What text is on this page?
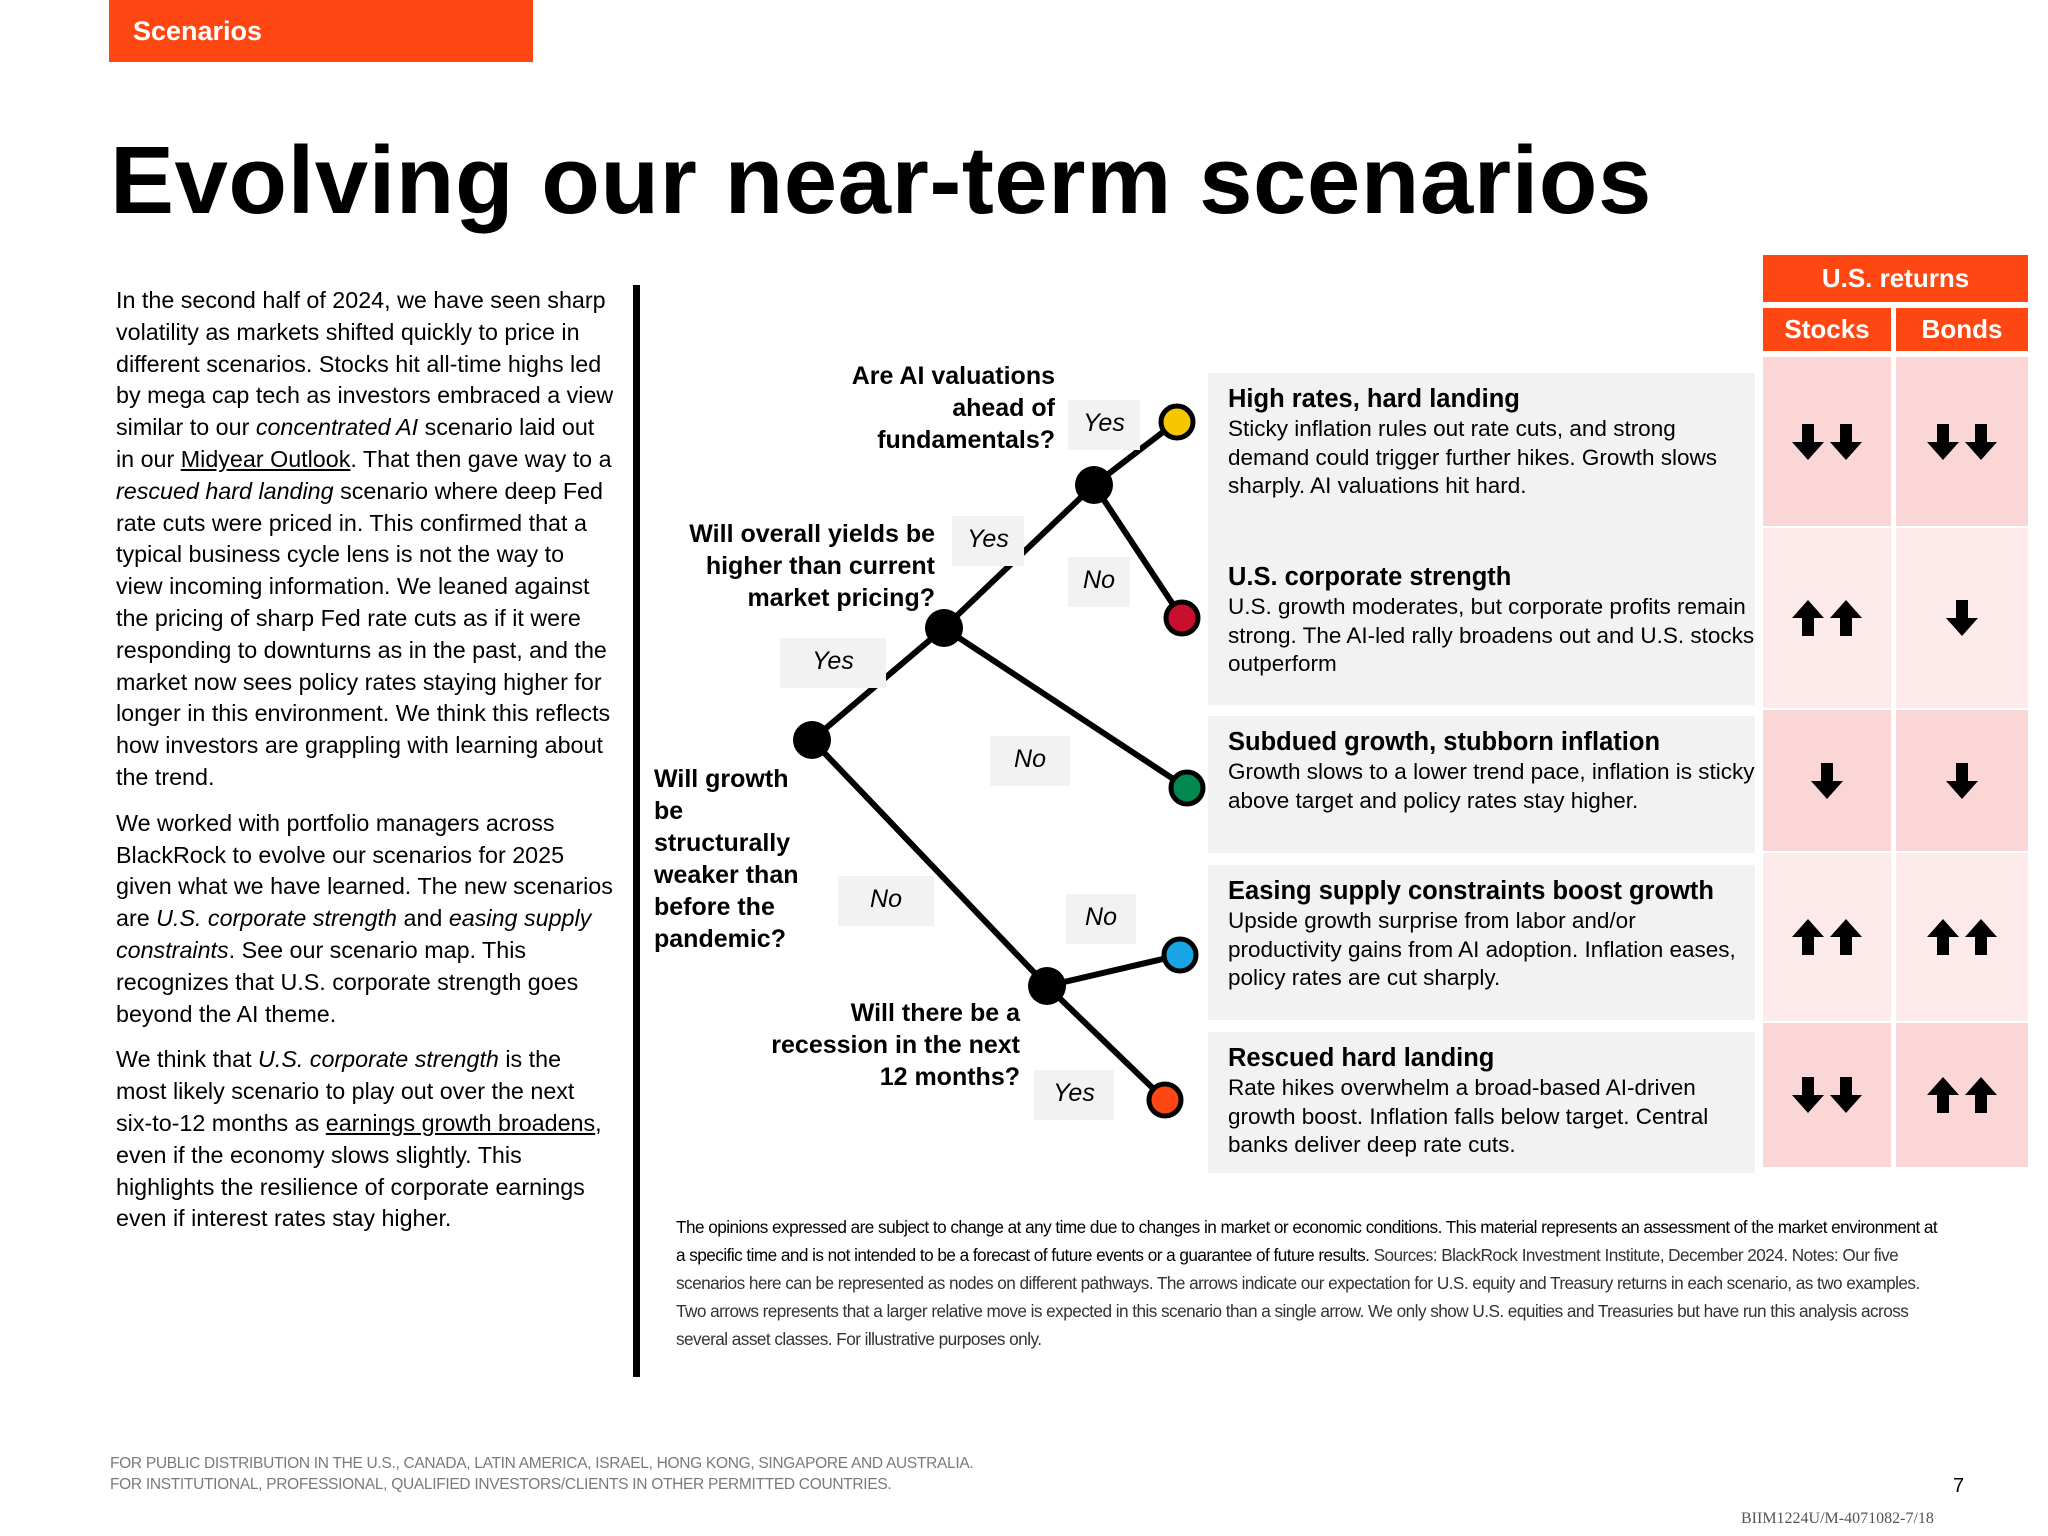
Scenarios
Evolving our near-term scenarios

In the second half of 2024, we have seen sharp volatility as markets shifted quickly to price in different scenarios. Stocks hit all-time highs led by mega cap tech as investors embraced a view similar to our concentrated AI scenario laid out in our Midyear Outlook. That then gave way to a rescued hard landing scenario where deep Fed rate cuts were priced in. This confirmed that a typical business cycle lens is not the way to view incoming information. We leaned against the pricing of sharp Fed rate cuts as if it were responding to downturns as in the past, and the market now sees policy rates staying higher for longer in this environment. We think this reflects how investors are grappling with learning about the trend.

We worked with portfolio managers across BlackRock to evolve our scenarios for 2025 given what we have learned. The new scenarios are U.S. corporate strength and easing supply constraints. See our scenario map. This recognizes that U.S. corporate strength goes beyond the AI theme.

We think that U.S. corporate strength is the most likely scenario to play out over the next six-to-12 months as earnings growth broadens, even if the economy slows slightly. This highlights the resilience of corporate earnings even if interest rates stay higher.

Are AI valuations ahead of fundamentals?
Will overall yields be higher than current market pricing?
Will growth be structurally weaker than before the pandemic?
Will there be a recession in the next 12 months?
Yes
Yes
No
Yes
No
No
No
Yes
High rates, hard landing
Sticky inflation rules out rate cuts, and strong demand could trigger further hikes. Growth slows sharply. AI valuations hit hard.
U.S. corporate strength
U.S. growth moderates, but corporate profits remain strong. The AI-led rally broadens out and U.S. stocks outperform
Subdued growth, stubborn inflation
Growth slows to a lower trend pace, inflation is sticky above target and policy rates stay higher.
Easing supply constraints boost growth
Upside growth surprise from labor and/or productivity gains from AI adoption. Inflation eases, policy rates are cut sharply.
Rescued hard landing
Rate hikes overwhelm a broad-based AI-driven growth boost. Inflation falls below target. Central banks deliver deep rate cuts.
U.S. returns
Stocks	Bonds
The opinions expressed are subject to change at any time due to changes in market or economic conditions. This material represents an assessment of the market environment at a specific time and is not intended to be a forecast of future events or a guarantee of future results. Sources: BlackRock Investment Institute, December 2024. Notes: Our five scenarios here can be represented as nodes on different pathways. The arrows indicate our expectation for U.S. equity and Treasury returns in each scenario, as two examples. Two arrows represents that a larger relative move is expected in this scenario than a single arrow. We only show U.S. equities and Treasuries but have run this analysis across several asset classes. For illustrative purposes only.
FOR PUBLIC DISTRIBUTION IN THE U.S., CANADA, LATIN AMERICA, ISRAEL, HONG KONG, SINGAPORE AND AUSTRALIA.
FOR INSTITUTIONAL, PROFESSIONAL, QUALIFIED INVESTORS/CLIENTS IN OTHER PERMITTED COUNTRIES.	7
BIIM1224U/M-4071082-7/18
